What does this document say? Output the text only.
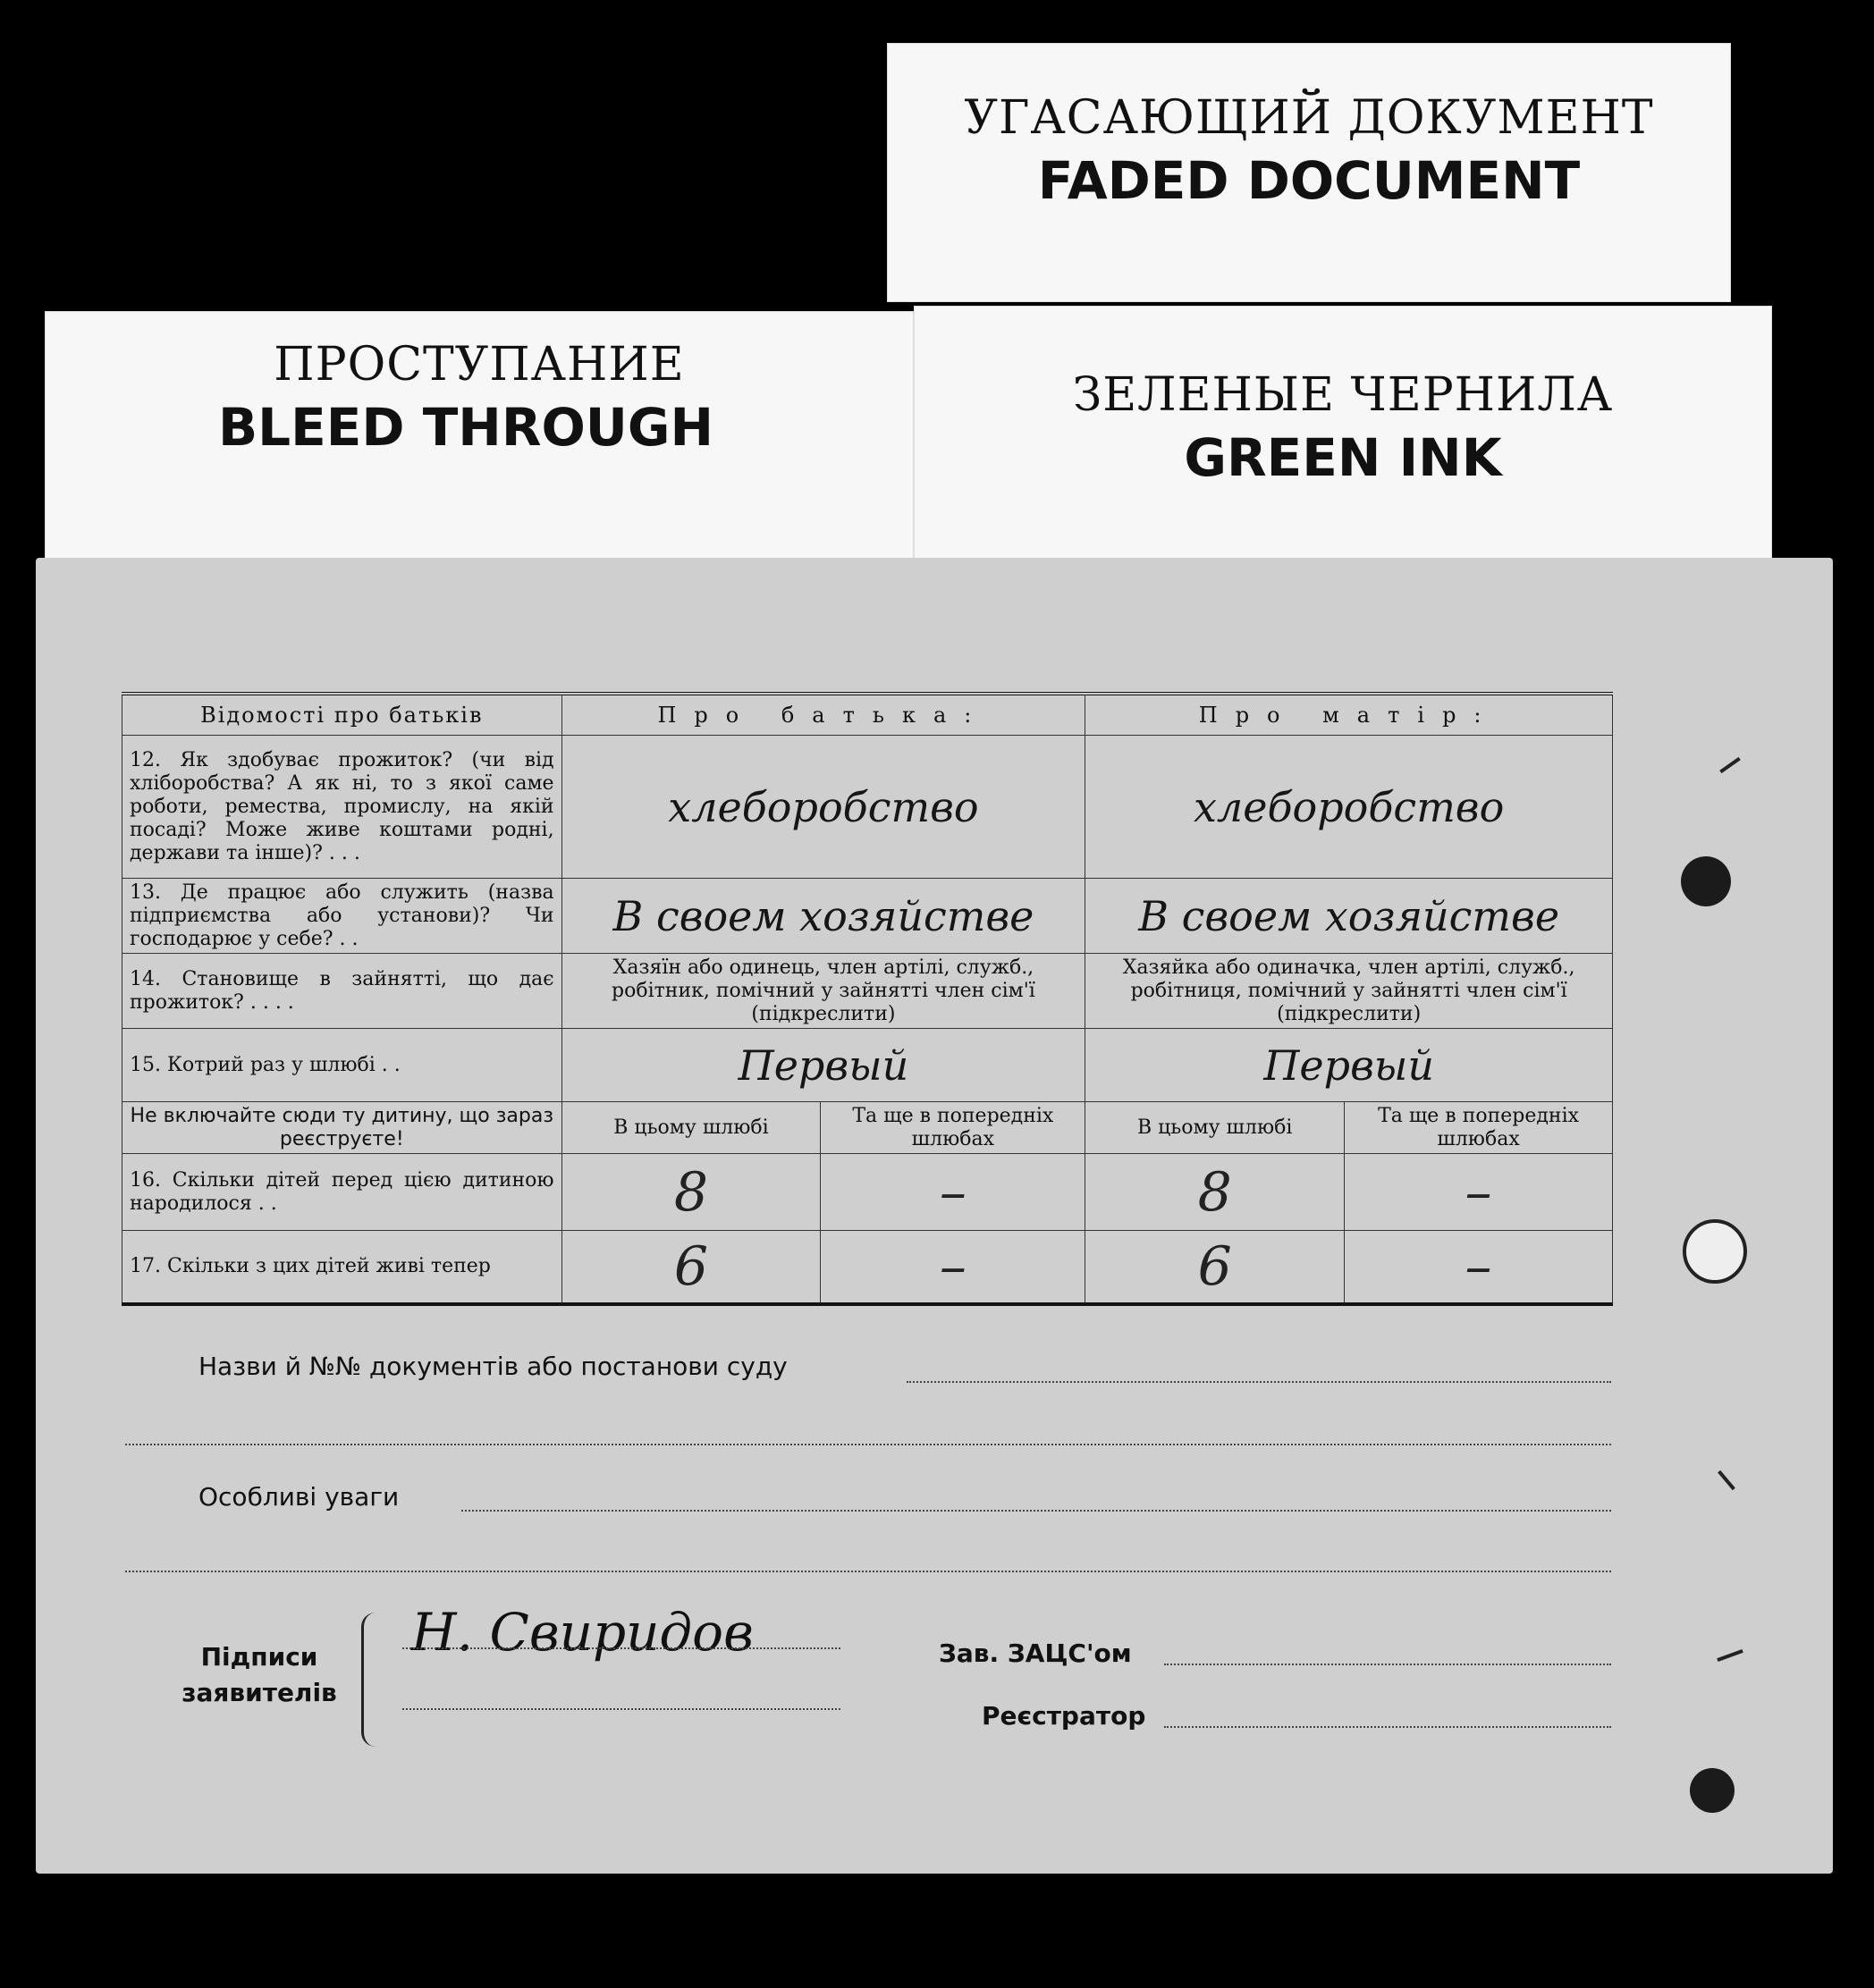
УГАСАЮЩИЙ ДОКУМЕНТ
FADED DOCUMENT
ПРОСТУПАНИЕ
BLEED THROUGH
ЗЕЛЕНЫЕ ЧЕРНИЛА
GREEN INK
Відомості про батьків	Про батька:		Про матір:	
12. Як здобуває прожиток? (чи від хліборобства? А як ні, то з якої саме роботи, ремества, промислу, на якій посаді? Може живе коштами родні, держави та інше)? . . .	хлеборобство		хлеборобство	
13. Де працює або служить (назва підприємства або установи)? Чи господарює у себе? . .	В своем хозяйстве		В своем хозяйстве	
14. Становище в зайнятті, що дає прожиток? . . . .	Хазяїн або одинець, член артілі, служб., робітник, помічний у зайнятті член сім'ї (підкреслити)		Хазяйка або одиначка, член артілі, служб., робітниця, помічний у зайнятті член сім'ї (підкреслити)	
15. Котрий раз у шлюбі . .	Первый		Первый	
Не включайте сюди ту дитину, що зараз реєструєте!	В цьому шлюбі	Та ще в попередніх шлюбах	В цьому шлюбі	Та ще в попередніх шлюбах
16. Скільки дітей перед цією дитиною народилося . .	8	–	8	–
17. Скільки з цих дітей живі тепер	6	–	6	–
Назви й №№ документів або постанови суду
Особливі уваги
Підписи заявителів
Н. Свиридов	Зав. ЗАЦС'ом
Реєстратор
